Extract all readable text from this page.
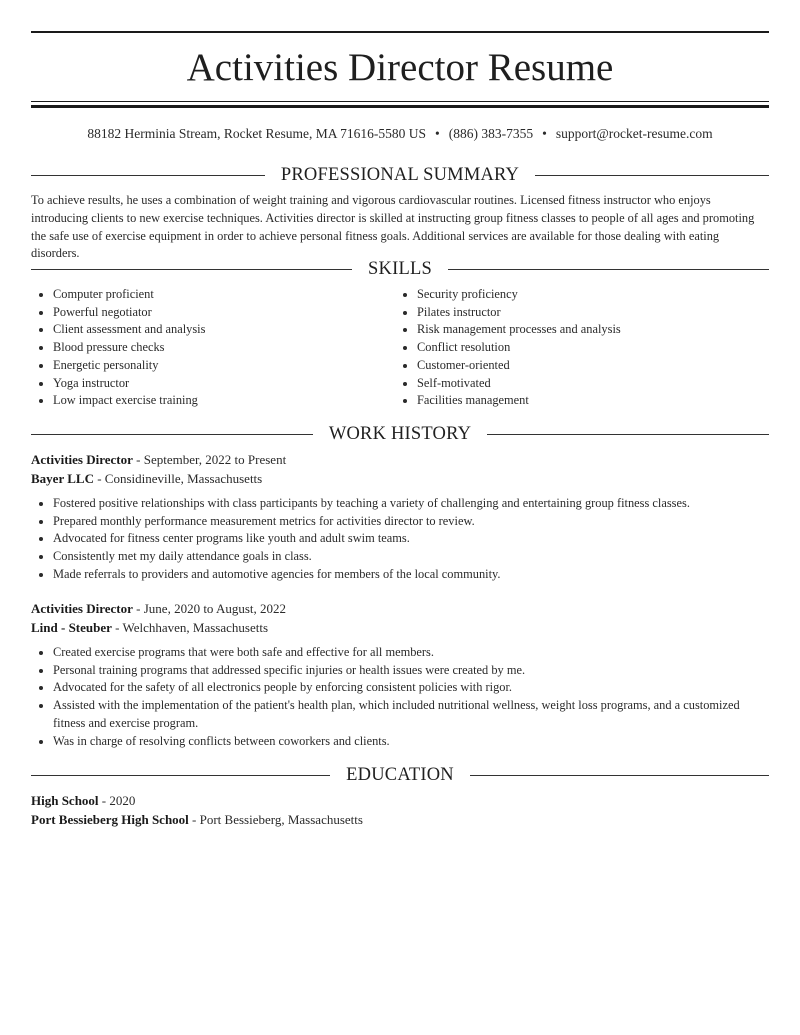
Activities Director Resume
88182 Herminia Stream, Rocket Resume, MA 71616-5580 US • (886) 383-7355 • support@rocket-resume.com
PROFESSIONAL SUMMARY

To achieve results, he uses a combination of weight training and vigorous cardiovascular routines. Licensed fitness instructor who enjoys introducing clients to new exercise techniques. Activities director is skilled at instructing group fitness classes to people of all ages and promoting the safe use of exercise equipment in order to achieve personal fitness goals. Additional services are available for those dealing with eating disorders.

SKILLS
Computer proficient
Powerful negotiator
Client assessment and analysis
Blood pressure checks
Energetic personality
Yoga instructor
Low impact exercise training
Security proficiency
Pilates instructor
Risk management processes and analysis
Conflict resolution
Customer-oriented
Self-motivated
Facilities management
WORK HISTORY
Activities Director - September, 2022 to Present
Bayer LLC - Considineville, Massachusetts
Fostered positive relationships with class participants by teaching a variety of challenging and entertaining group fitness classes.
Prepared monthly performance measurement metrics for activities director to review.
Advocated for fitness center programs like youth and adult swim teams.
Consistently met my daily attendance goals in class.
Made referrals to providers and automotive agencies for members of the local community.
Activities Director - June, 2020 to August, 2022
Lind - Steuber - Welchhaven, Massachusetts
Created exercise programs that were both safe and effective for all members.
Personal training programs that addressed specific injuries or health issues were created by me.
Advocated for the safety of all electronics people by enforcing consistent policies with rigor.
Assisted with the implementation of the patient's health plan, which included nutritional wellness, weight loss programs, and a customized fitness and exercise program.
Was in charge of resolving conflicts between coworkers and clients.
EDUCATION
High School - 2020
Port Bessieberg High School - Port Bessieberg, Massachusetts
